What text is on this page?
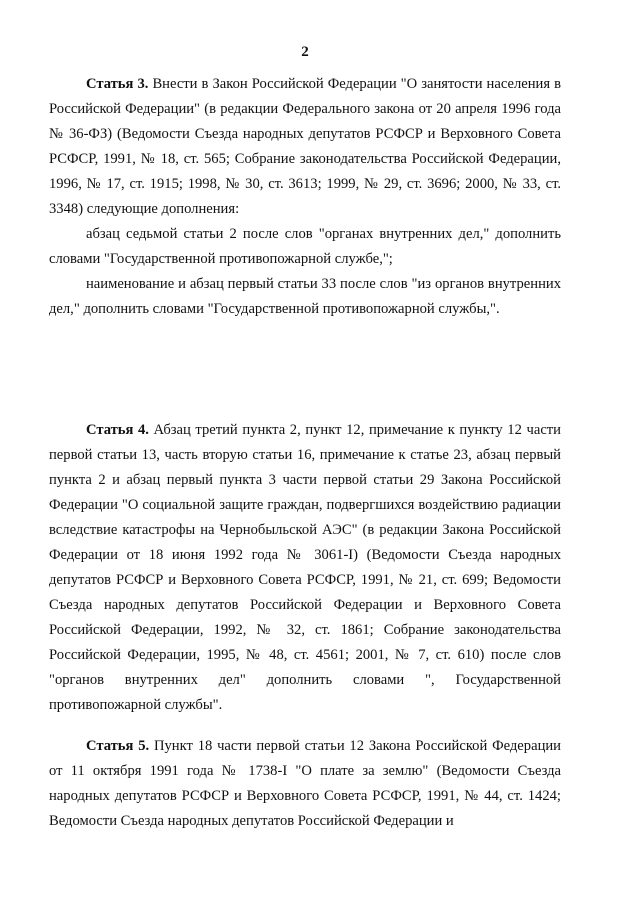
2

Статья 3. Внести в Закон Российской Федерации "О занятости населения в Российской Федерации" (в редакции Федерального закона от 20 апреля 1996 года № 36-ФЗ) (Ведомости Съезда народных депутатов РСФСР и Верховного Совета РСФСР, 1991, № 18, ст. 565; Собрание законодательства Российской Федерации, 1996, № 17, ст. 1915; 1998, № 30, ст. 3613; 1999, № 29, ст. 3696; 2000, № 33, ст. 3348) следующие дополнения:

абзац седьмой статьи 2 после слов "органах внутренних дел," дополнить словами "Государственной противопожарной службе,";

наименование и абзац первый статьи 33 после слов "из органов внутренних дел," дополнить словами "Государственной противопожарной службы,".

Статья 4. Абзац третий пункта 2, пункт 12, примечание к пункту 12 части первой статьи 13, часть вторую статьи 16, примечание к статье 23, абзац первый пункта 2 и абзац первый пункта 3 части первой статьи 29 Закона Российской Федерации "О социальной защите граждан, подвергшихся воздействию радиации вследствие катастрофы на Чернобыльской АЭС" (в редакции Закона Российской Федерации от 18 июня 1992 года № 3061-I) (Ведомости Съезда народных депутатов РСФСР и Верховного Совета РСФСР, 1991, № 21, ст. 699; Ведомости Съезда народных депутатов Российской Федерации и Верховного Совета Российской Федерации, 1992, № 32, ст. 1861; Собрание законодательства Российской Федерации, 1995, № 48, ст. 4561; 2001, № 7, ст. 610) после слов "органов внутренних дел" дополнить словами ", Государственной противопожарной службы".

Статья 5. Пункт 18 части первой статьи 12 Закона Российской Федерации от 11 октября 1991 года № 1738-I "О плате за землю" (Ведомости Съезда народных депутатов РСФСР и Верховного Совета РСФСР, 1991, № 44, ст. 1424; Ведомости Съезда народных депутатов Российской Федерации и
